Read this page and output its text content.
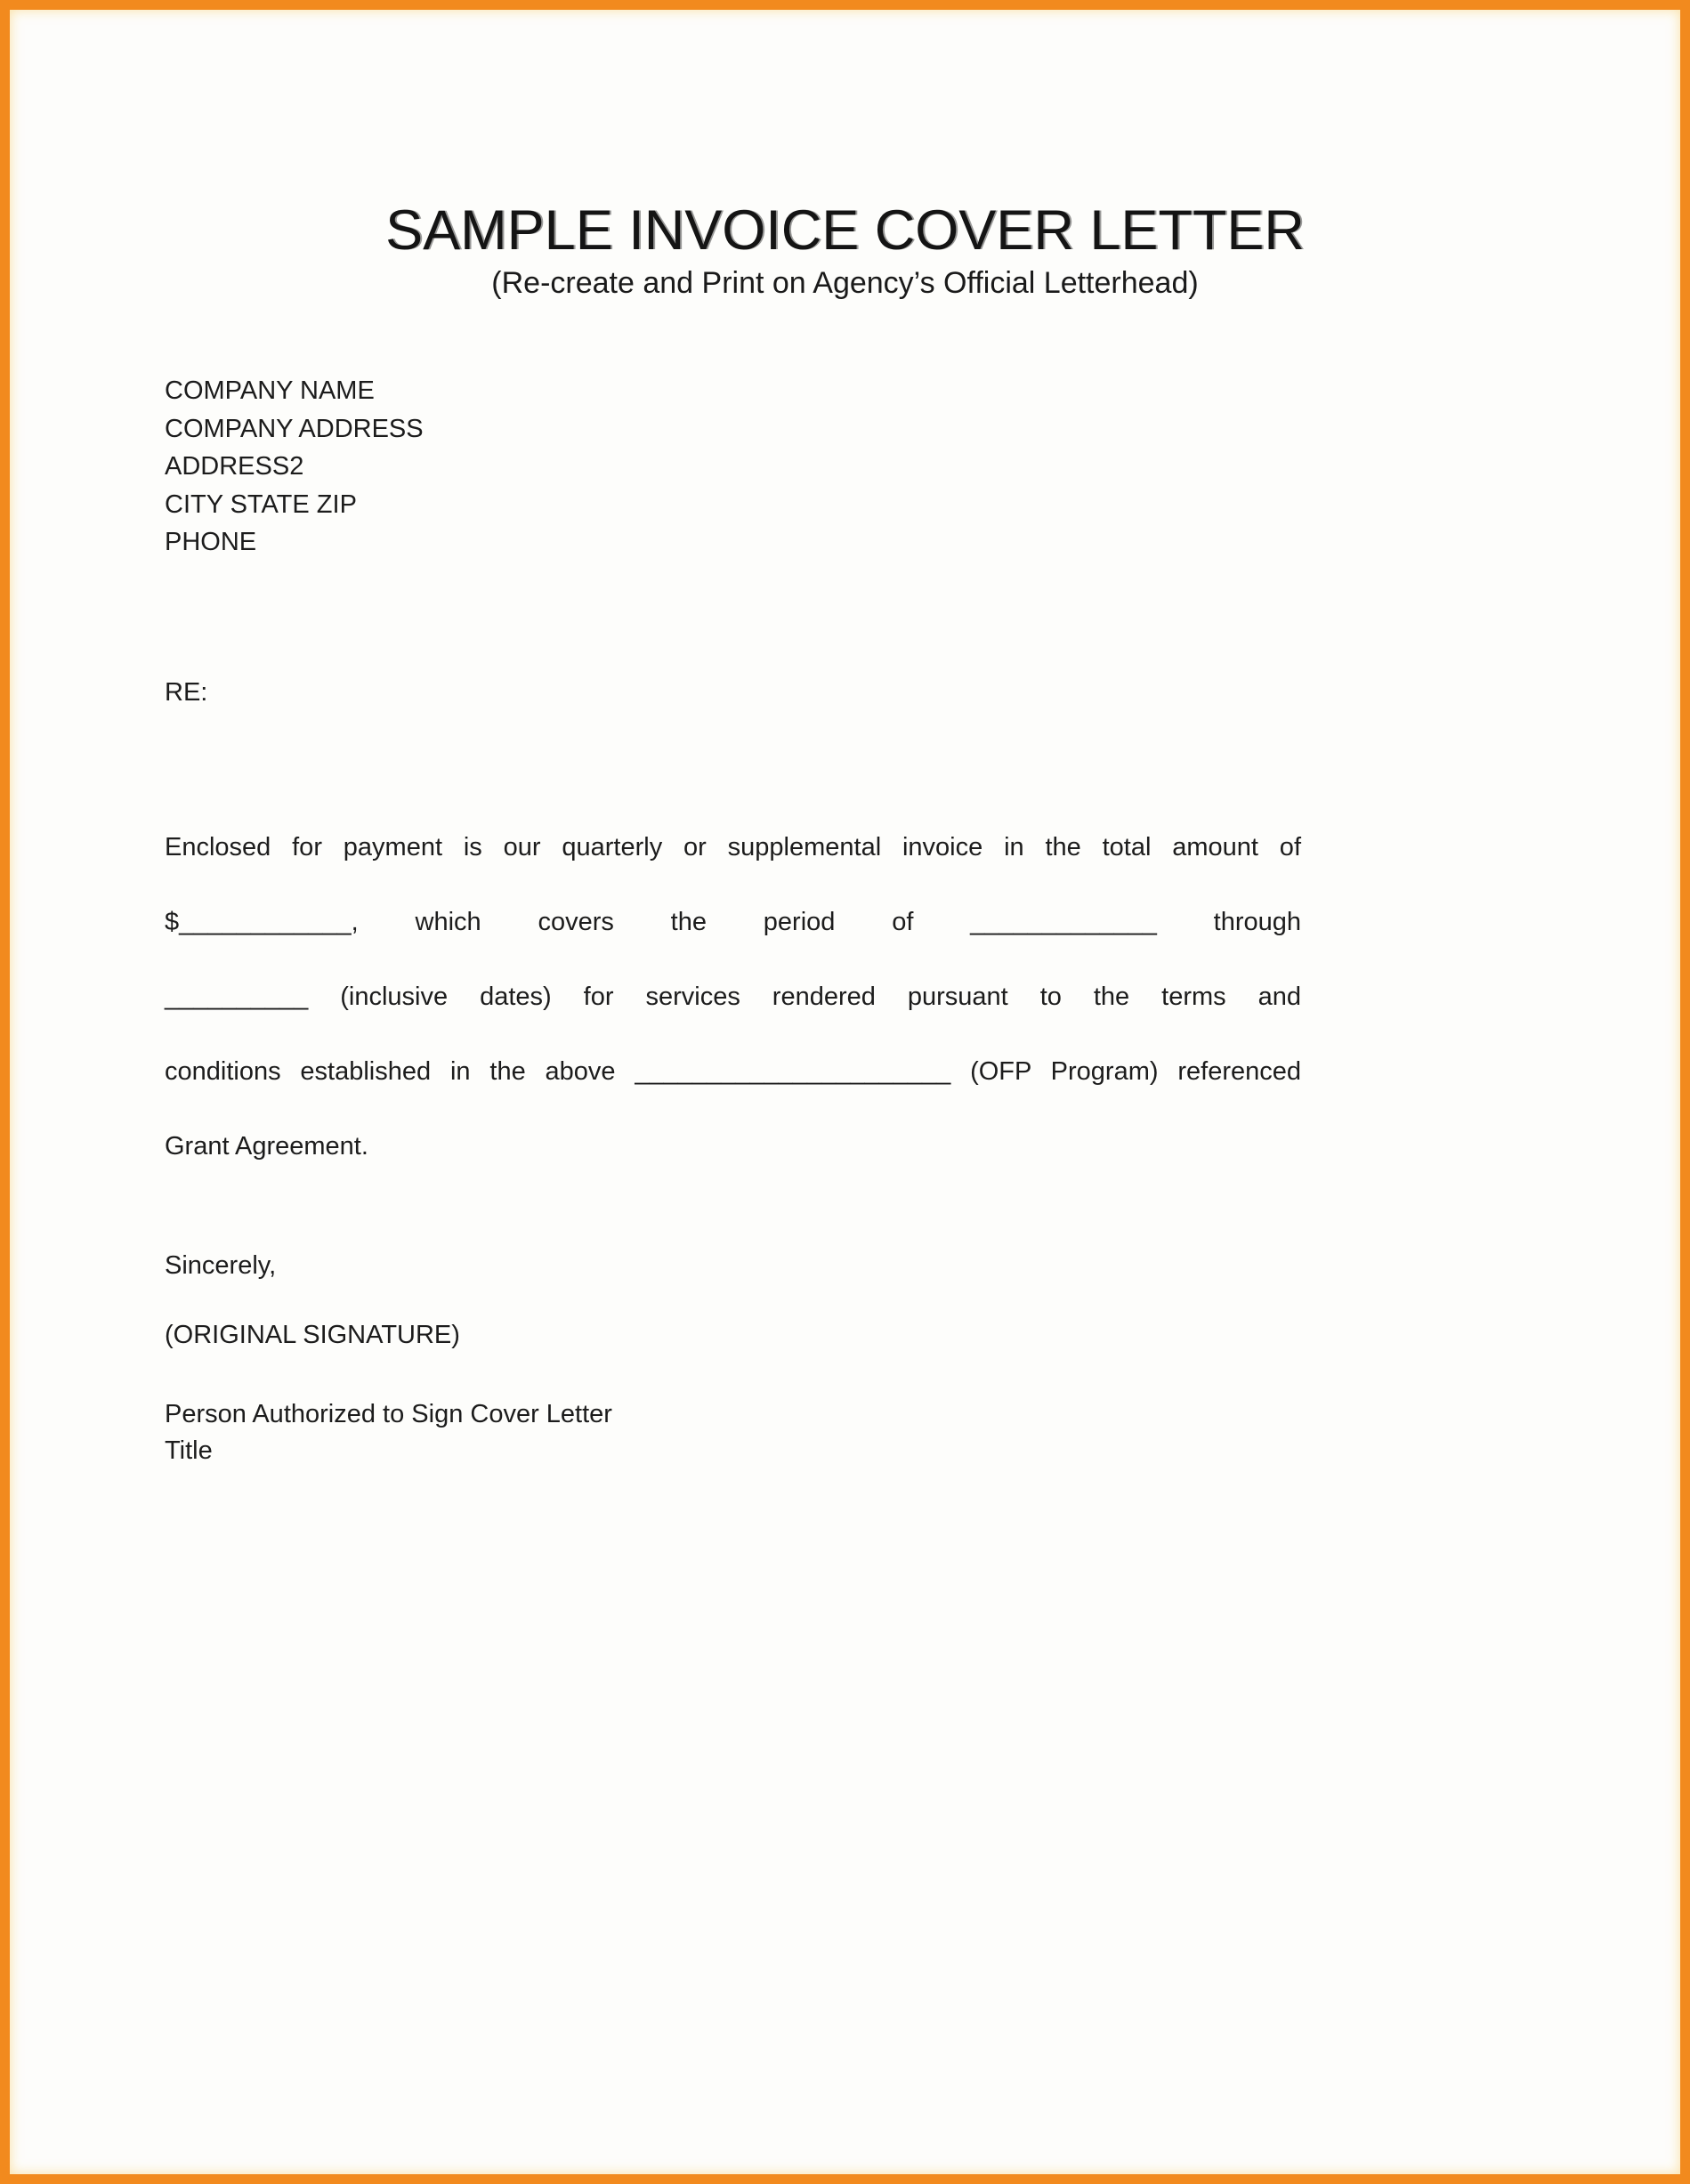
SAMPLE INVOICE COVER LETTER
(Re-create and Print on Agency’s Official Letterhead)
COMPANY NAME
COMPANY ADDRESS
ADDRESS2
CITY STATE ZIP
PHONE
RE:
Enclosed for payment is our quarterly or supplemental invoice in the total amount of
$____________, which covers the period of _____________ through
__________ (inclusive dates) for services rendered pursuant to the terms and
conditions established in the above ______________________ (OFP Program) referenced
Grant Agreement.
Sincerely,
(ORIGINAL SIGNATURE)
Person Authorized to Sign Cover Letter
Title
